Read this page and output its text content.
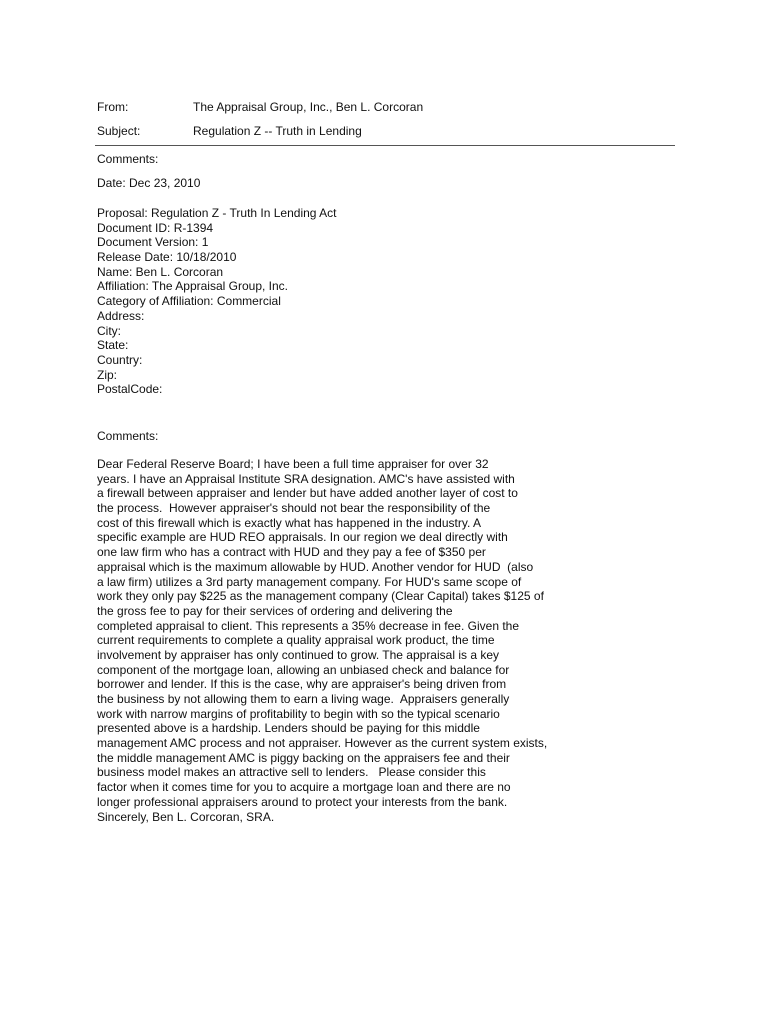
From:	The Appraisal Group, Inc., Ben L. Corcoran
Subject:	Regulation Z -- Truth in Lending
Comments:
Date: Dec 23, 2010
Proposal: Regulation Z - Truth In Lending Act
Document ID: R-1394
Document Version: 1
Release Date: 10/18/2010
Name: Ben L. Corcoran
Affiliation: The Appraisal Group, Inc.
Category of Affiliation: Commercial
Address:
City:
State:
Country:
Zip:
PostalCode:
Comments:
Dear Federal Reserve Board; I have been a full time appraiser for over 32
years. I have an Appraisal Institute SRA designation. AMC's have assisted with
a firewall between appraiser and lender but have added another layer of cost to
the process.  However appraiser's should not bear the responsibility of the
cost of this firewall which is exactly what has happened in the industry. A
specific example are HUD REO appraisals. In our region we deal directly with
one law firm who has a contract with HUD and they pay a fee of $350 per
appraisal which is the maximum allowable by HUD. Another vendor for HUD  (also
a law firm) utilizes a 3rd party management company. For HUD's same scope of
work they only pay $225 as the management company (Clear Capital) takes $125 of
the gross fee to pay for their services of ordering and delivering the
completed appraisal to client. This represents a 35% decrease in fee. Given the
current requirements to complete a quality appraisal work product, the time
involvement by appraiser has only continued to grow. The appraisal is a key
component of the mortgage loan, allowing an unbiased check and balance for
borrower and lender. If this is the case, why are appraiser's being driven from
the business by not allowing them to earn a living wage.  Appraisers generally
work with narrow margins of profitability to begin with so the typical scenario
presented above is a hardship. Lenders should be paying for this middle
management AMC process and not appraiser. However as the current system exists,
the middle management AMC is piggy backing on the appraisers fee and their
business model makes an attractive sell to lenders.   Please consider this
factor when it comes time for you to acquire a mortgage loan and there are no
longer professional appraisers around to protect your interests from the bank.
Sincerely, Ben L. Corcoran, SRA.
